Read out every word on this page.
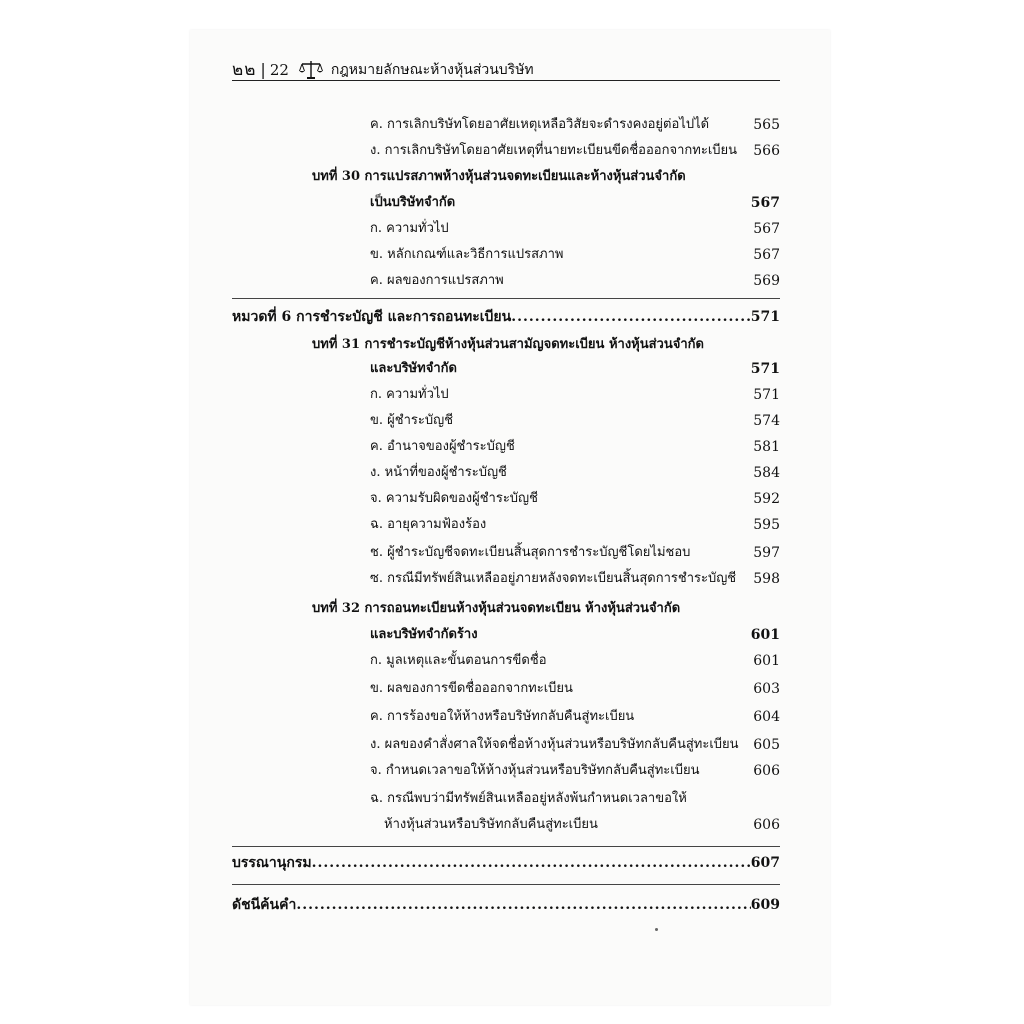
๒๒ | 22	กฎหมายลักษณะห้างหุ้นส่วนบริษัท
ค. การเลิกบริษัทโดยอาศัยเหตุเหลือวิสัยจะดำรงคงอยู่ต่อไปได้	565
ง. การเลิกบริษัทโดยอาศัยเหตุที่นายทะเบียนขีดชื่อออกจากทะเบียน 566
บทที่ 30 การแปรสภาพห้างหุ้นส่วนจดทะเบียนและห้างหุ้นส่วนจำกัด
เป็นบริษัทจำกัด	567
ก. ความทั่วไป	567
ข. หลักเกณฑ์และวิธีการแปรสภาพ	567
ค. ผลของการแปรสภาพ	569
หมวดที่ 6 การชำระบัญชี และการถอนทะเบียน .....	571
บทที่ 31 การชำระบัญชีห้างหุ้นส่วนสามัญจดทะเบียน ห้างหุ้นส่วนจำกัด
และบริษัทจำกัด	571
ก. ความทั่วไป	571
ข. ผู้ชำระบัญชี	574
ค. อำนาจของผู้ชำระบัญชี	581
ง. หน้าที่ของผู้ชำระบัญชี	584
จ. ความรับผิดของผู้ชำระบัญชี	592
ฉ. อายุความฟ้องร้อง	595
ช. ผู้ชำระบัญชีจดทะเบียนสิ้นสุดการชำระบัญชีโดยไม่ชอบ	597
ซ. กรณีมีทรัพย์สินเหลืออยู่ภายหลังจดทะเบียนสิ้นสุดการชำระบัญชี 598
บทที่ 32 การถอนทะเบียนห้างหุ้นส่วนจดทะเบียน ห้างหุ้นส่วนจำกัด
และบริษัทจำกัดร้าง	601
ก. มูลเหตุและขั้นตอนการขีดชื่อ	601
ข. ผลของการขีดชื่อออกจากทะเบียน	603
ค. การร้องขอให้ห้างหรือบริษัทกลับคืนสู่ทะเบียน	604
ง. ผลของคำสั่งศาลให้จดชื่อห้างหุ้นส่วนหรือบริษัทกลับคืนสู่ทะเบียน 605
จ. กำหนดเวลาขอให้ห้างหุ้นส่วนหรือบริษัทกลับคืนสู่ทะเบียน	606
ฉ. กรณีพบว่ามีทรัพย์สินเหลืออยู่หลังพ้นกำหนดเวลาขอให้
ห้างหุ้นส่วนหรือบริษัทกลับคืนสู่ทะเบียน	606
บรรณานุกรม .....	607
ดัชนีค้นคำ .....	609
